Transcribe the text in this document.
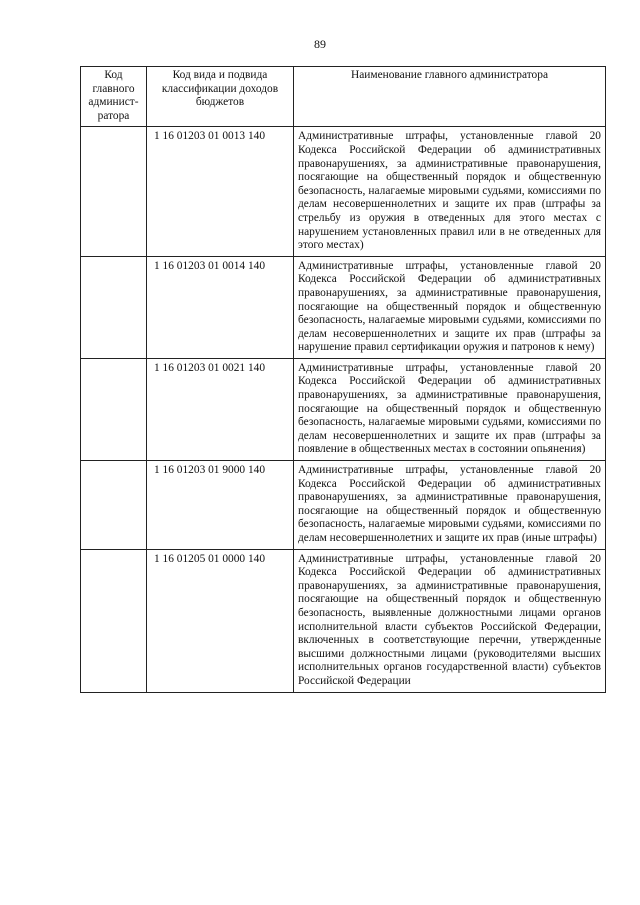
89
Код главного админист-ратора	Код вида и подвида классификации доходов бюджетов	Наименование главного администратора
	1 16 01203 01 0013 140	Административные штрафы, установленные главой 20 Кодекса Российской Федерации об административных правонарушениях, за административные правонарушения, посягающие на общественный порядок и общественную безопасность, налагаемые мировыми судьями, комиссиями по делам несовершеннолетних и защите их прав (штрафы за стрельбу из оружия в отведенных для этого местах с нарушением установленных правил или в не отведенных для этого местах)
	1 16 01203 01 0014 140	Административные штрафы, установленные главой 20 Кодекса Российской Федерации об административных правонарушениях, за административные правонарушения, посягающие на общественный порядок и общественную безопасность, налагаемые мировыми судьями, комиссиями по делам несовершеннолетних и защите их прав (штрафы за нарушение правил сертификации оружия и патронов к нему)
	1 16 01203 01 0021 140	Административные штрафы, установленные главой 20 Кодекса Российской Федерации об административных правонарушениях, за административные правонарушения, посягающие на общественный порядок и общественную безопасность, налагаемые мировыми судьями, комиссиями по делам несовершеннолетних и защите их прав (штрафы за появление в общественных местах в состоянии опьянения)
	1 16 01203 01 9000 140	Административные штрафы, установленные главой 20 Кодекса Российской Федерации об административных правонарушениях, за административные правонарушения, посягающие на общественный порядок и общественную безопасность, налагаемые мировыми судьями, комиссиями по делам несовершеннолетних и защите их прав (иные штрафы)
	1 16 01205 01 0000 140	Административные штрафы, установленные главой 20 Кодекса Российской Федерации об административных правонарушениях, за административные правонарушения, посягающие на общественный порядок и общественную безопасность, выявленные должностными лицами органов исполнительной власти субъектов Российской Федерации, включенных в соответствующие перечни, утвержденные высшими должностными лицами (руководителями высших исполнительных органов государственной власти) субъектов Российской Федерации
